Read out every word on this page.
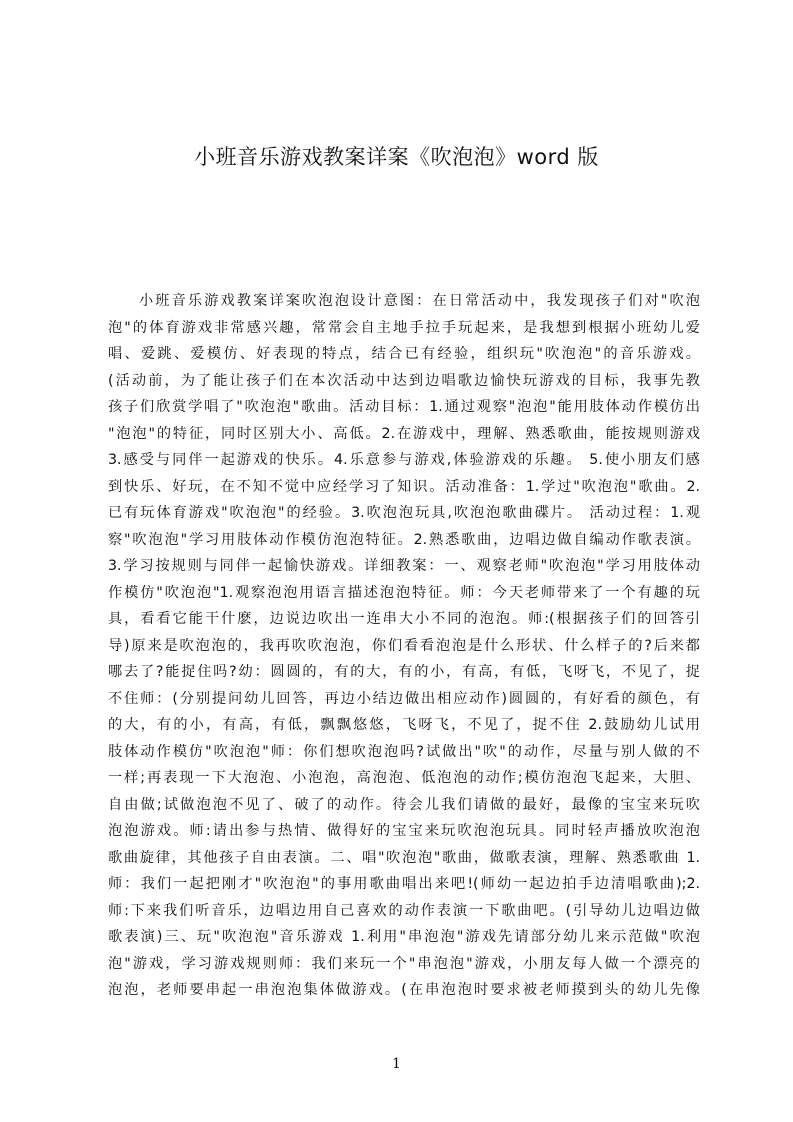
小班音乐游戏教案详案《吹泡泡》word 版
小班音乐游戏教案详案吹泡泡设计意图：在日常活动中，我发现孩子们对"吹泡
泡"的体育游戏非常感兴趣，常常会自主地手拉手玩起来，是我想到根据小班幼儿爱
唱、爱跳、爱模仿、好表现的特点，结合已有经验，组织玩"吹泡泡"的音乐游戏。
(活动前，为了能让孩子们在本次活动中达到边唱歌边愉快玩游戏的目标，我事先教
孩子们欣赏学唱了"吹泡泡"歌曲。活动目标：1.通过观察"泡泡"能用肢体动作模仿出
"泡泡"的特征，同时区别大小、高低。2.在游戏中，理解、熟悉歌曲，能按规则游戏
3.感受与同伴一起游戏的快乐。4.乐意参与游戏,体验游戏的乐趣。 5.使小朋友们感
到快乐、好玩，在不知不觉中应经学习了知识。活动准备：1.学过"吹泡泡"歌曲。2.
已有玩体育游戏"吹泡泡"的经验。3.吹泡泡玩具,吹泡泡歌曲碟片。 活动过程：1.观
察"吹泡泡"学习用肢体动作模仿泡泡特征。2.熟悉歌曲，边唱边做自编动作歌表演。
3.学习按规则与同伴一起愉快游戏。详细教案：一、观察老师"吹泡泡"学习用肢体动
作模仿"吹泡泡"1.观察泡泡用语言描述泡泡特征。师：今天老师带来了一个有趣的玩
具，看看它能干什麽，边说边吹出一连串大小不同的泡泡。师:(根据孩子们的回答引
导)原来是吹泡泡的，我再吹吹泡泡，你们看看泡泡是什么形状、什么样子的?后来都
哪去了?能捉住吗?幼：圆圆的，有的大，有的小，有高，有低，飞呀飞，不见了，捉
不住师：(分别提问幼儿回答，再边小结边做出相应动作)圆圆的，有好看的颜色，有
的大，有的小，有高，有低，飘飘悠悠，飞呀飞，不见了，捉不住 2.鼓励幼儿试用
肢体动作模仿"吹泡泡"师：你们想吹泡泡吗?试做出"吹"的动作，尽量与别人做的不
一样;再表现一下大泡泡、小泡泡，高泡泡、低泡泡的动作;模仿泡泡飞起来，大胆、
自由做;试做泡泡不见了、破了的动作。待会儿我们请做的最好，最像的宝宝来玩吹
泡泡游戏。师:请出参与热情、做得好的宝宝来玩吹泡泡玩具。同时轻声播放吹泡泡
歌曲旋律，其他孩子自由表演。二、唱"吹泡泡"歌曲，做歌表演，理解、熟悉歌曲 1.
师：我们一起把刚才"吹泡泡"的事用歌曲唱出来吧!(师幼一起边拍手边清唱歌曲);2.
师:下来我们听音乐，边唱边用自己喜欢的动作表演一下歌曲吧。(引导幼儿边唱边做
歌表演)三、玩"吹泡泡"音乐游戏 1.利用"串泡泡"游戏先请部分幼儿来示范做"吹泡
泡"游戏，学习游戏规则师：我们来玩一个"串泡泡"游戏，小朋友每人做一个漂亮的
泡泡，老师要串起一串泡泡集体做游戏。(在串泡泡时要求被老师摸到头的幼儿先像
1
